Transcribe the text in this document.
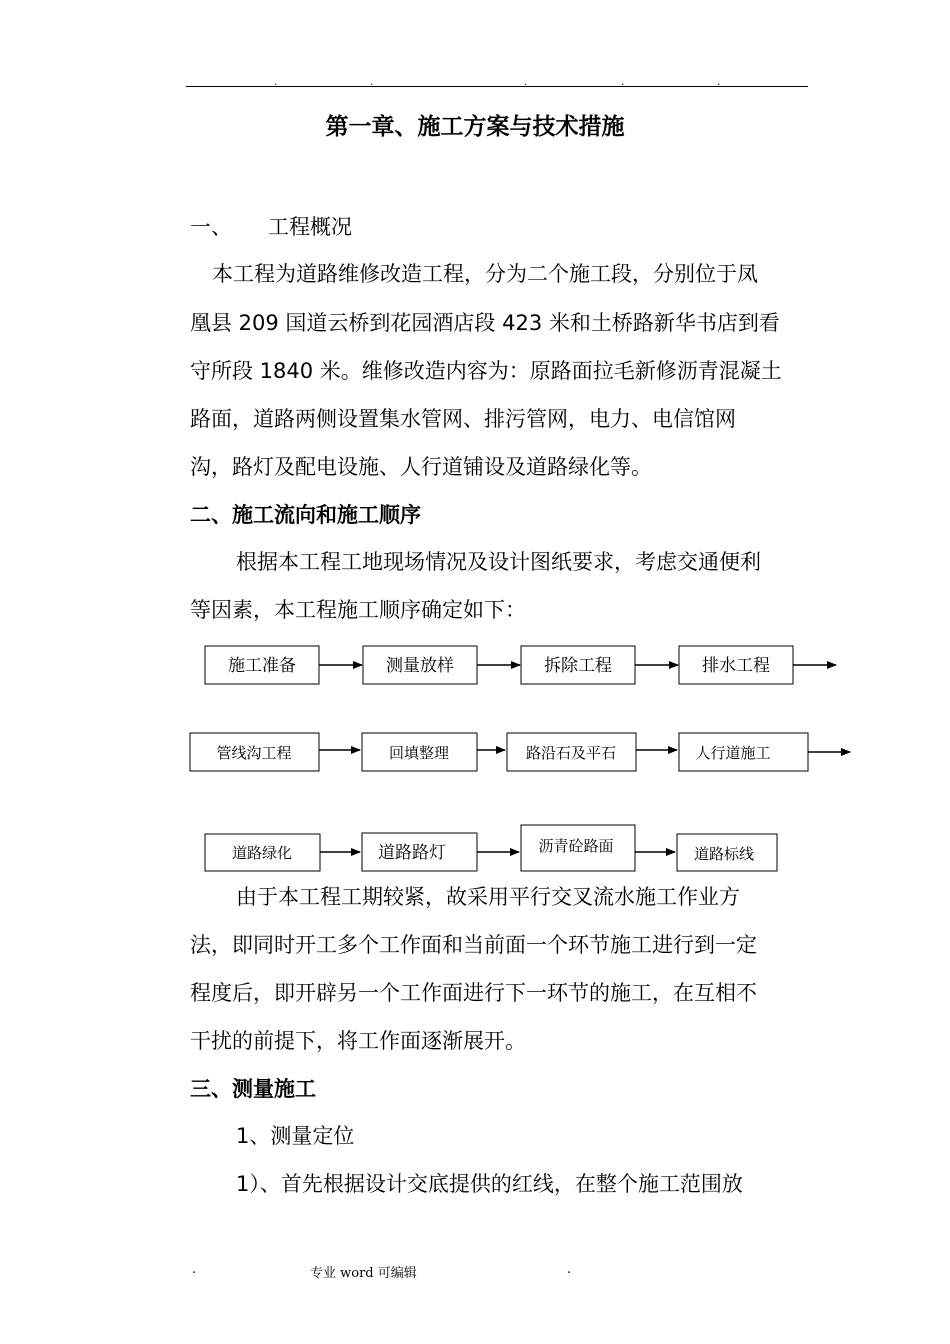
.	.	.	.	.
第一章、施工方案与技术措施
一、 工程概况
本工程为道路维修改造工程，分为二个施工段，分别位于凤
凰县 209 国道云桥到花园酒店段 423 米和土桥路新华书店到看
守所段 1840 米。维修改造内容为：原路面拉毛新修沥青混凝土
路面，道路两侧设置集水管网、排污管网，电力、电信馆网
沟，路灯及配电设施、人行道铺设及道路绿化等。
二、施工流向和施工顺序
根据本工程工地现场情况及设计图纸要求，考虑交通便利
等因素，本工程施工顺序确定如下：
施工准备	测量放样	拆除工程	排水工程
管线沟工程	回填整理	路沿石及平石	人行道施工
道路绿化	道路路灯	沥青砼路面	道路标线
由于本工程工期较紧，故采用平行交叉流水施工作业方
法，即同时开工多个工作面和当前面一个环节施工进行到一定
程度后，即开辟另一个工作面进行下一环节的施工，在互相不
干扰的前提下，将工作面逐渐展开。
三、测量施工
1、测量定位
1）、首先根据设计交底提供的红线，在整个施工范围放
.	专业 word 可编辑	.
